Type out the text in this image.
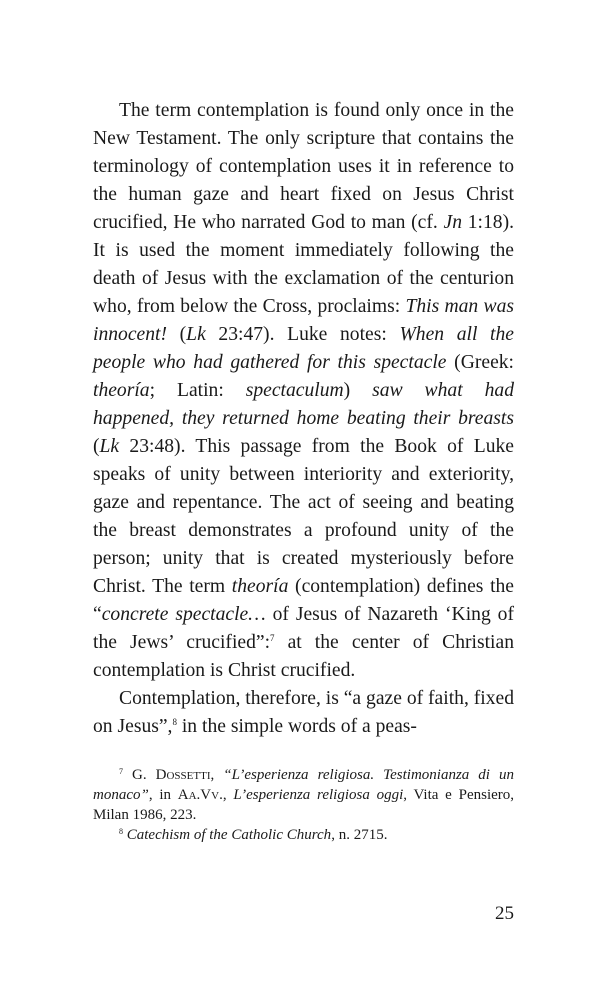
The term contemplation is found only once in the New Testament. The only scripture that contains the terminology of contemplation uses it in reference to the human gaze and heart fixed on Jesus Christ crucified, He who narrated God to man (cf. Jn 1:18). It is used the moment immediately following the death of Jesus with the exclamation of the centurion who, from below the Cross, proclaims: This man was innocent! (Lk 23:47). Luke notes: When all the people who had gathered for this spectacle (Greek: theoría; Latin: spectaculum) saw what had happened, they returned home beating their breasts (Lk 23:48). This passage from the Book of Luke speaks of unity between interiority and exteriority, gaze and repentance. The act of seeing and beating the breast demonstrates a profound unity of the person; unity that is created mysteriously before Christ. The term theoría (contemplation) defines the “concrete spectacle… of Jesus of Nazareth ‘King of the Jews’ crucified”:$^7$ at the center of Christian contemplation is Christ crucified.

Contemplation, therefore, is “a gaze of faith, fixed on Jesus”,$^8$ in the simple words of a peas-

$^7$ G. Dossetti, “L’esperienza religiosa. Testimonianza di un monaco”, in Aa.Vv., L’esperienza religiosa oggi, Vita e Pensiero, Milan 1986, 223.

$^8$ Catechism of the Catholic Church, n. 2715.

25
